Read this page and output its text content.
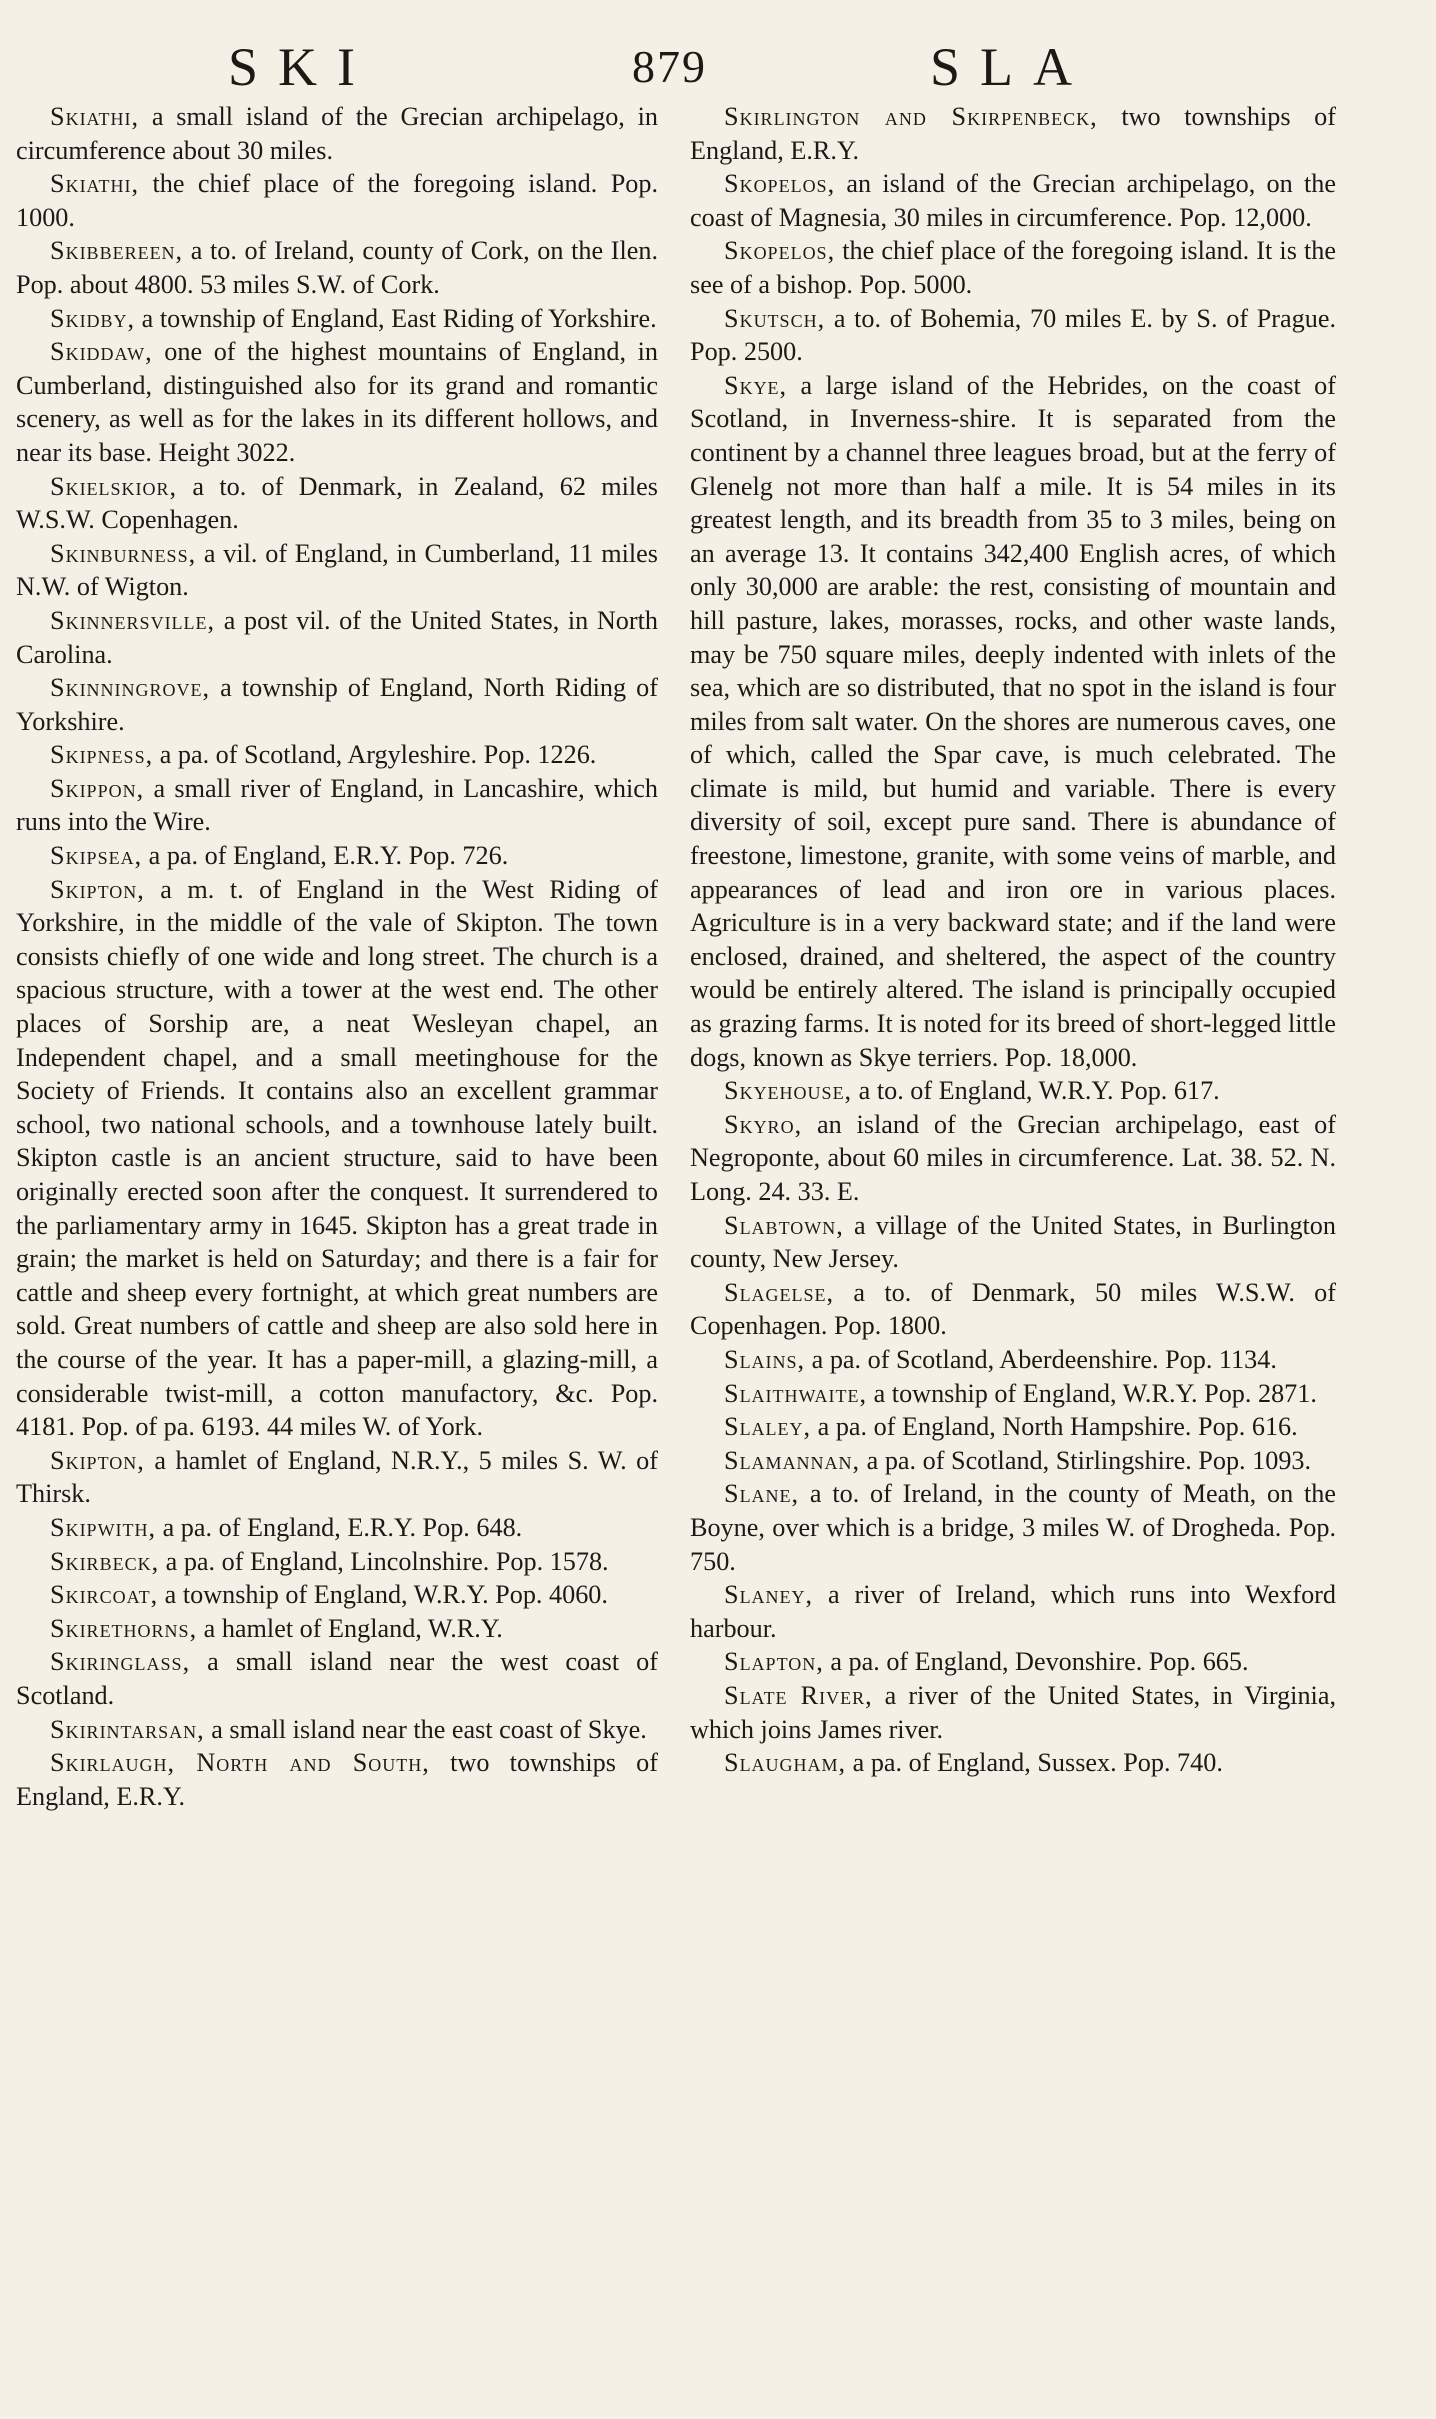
SKI	879	SLA

Skiathi, a small island of the Grecian archipelago, in circumference about 30 miles.

Skiathi, the chief place of the foregoing island. Pop. 1000.

Skibbereen, a to. of Ireland, county of Cork, on the Ilen. Pop. about 4800. 53 miles S.W. of Cork.

Skidby, a township of England, East Riding of Yorkshire.

Skiddaw, one of the highest mountains of England, in Cumberland, distinguished also for its grand and romantic scenery, as well as for the lakes in its different hollows, and near its base. Height 3022.

Skielskior, a to. of Denmark, in Zealand, 62 miles W.S.W. Copenhagen.

Skinburness, a vil. of England, in Cumberland, 11 miles N.W. of Wigton.

Skinnersville, a post vil. of the United States, in North Carolina.

Skinningrove, a township of England, North Riding of Yorkshire.

Skipness, a pa. of Scotland, Argyleshire. Pop. 1226.

Skippon, a small river of England, in Lancashire, which runs into the Wire.

Skipsea, a pa. of England, E.R.Y. Pop. 726.

Skipton, a m. t. of England in the West Riding of Yorkshire, in the middle of the vale of Skipton. The town consists chiefly of one wide and long street. The church is a spacious structure, with a tower at the west end. The other places of Sorship are, a neat Wesleyan chapel, an Independent chapel, and a small meetinghouse for the Society of Friends. It contains also an excellent grammar school, two national schools, and a townhouse lately built. Skipton castle is an ancient structure, said to have been originally erected soon after the conquest. It surrendered to the parliamentary army in 1645. Skipton has a great trade in grain; the market is held on Saturday; and there is a fair for cattle and sheep every fortnight, at which great numbers are sold. Great numbers of cattle and sheep are also sold here in the course of the year. It has a paper-mill, a glazing-mill, a considerable twist-mill, a cotton manufactory, &c. Pop. 4181. Pop. of pa. 6193. 44 miles W. of York.

Skipton, a hamlet of England, N.R.Y., 5 miles S. W. of Thirsk.

Skipwith, a pa. of England, E.R.Y. Pop. 648.

Skirbeck, a pa. of England, Lincolnshire. Pop. 1578.

Skircoat, a township of England, W.R.Y. Pop. 4060.

Skirethorns, a hamlet of England, W.R.Y.

Skiringlass, a small island near the west coast of Scotland.

Skirintarsan, a small island near the east coast of Skye.

Skirlaugh, North and South, two townships of England, E.R.Y.

Skirlington and Skirpenbeck, two townships of England, E.R.Y.

Skopelos, an island of the Grecian archipelago, on the coast of Magnesia, 30 miles in circumference. Pop. 12,000.

Skopelos, the chief place of the foregoing island. It is the see of a bishop. Pop. 5000.

Skutsch, a to. of Bohemia, 70 miles E. by S. of Prague. Pop. 2500.

Skye, a large island of the Hebrides, on the coast of Scotland, in Inverness-shire. It is separated from the continent by a channel three leagues broad, but at the ferry of Glenelg not more than half a mile. It is 54 miles in its greatest length, and its breadth from 35 to 3 miles, being on an average 13. It contains 342,400 English acres, of which only 30,000 are arable: the rest, consisting of mountain and hill pasture, lakes, morasses, rocks, and other waste lands, may be 750 square miles, deeply indented with inlets of the sea, which are so distributed, that no spot in the island is four miles from salt water. On the shores are numerous caves, one of which, called the Spar cave, is much celebrated. The climate is mild, but humid and variable. There is every diversity of soil, except pure sand. There is abundance of freestone, limestone, granite, with some veins of marble, and appearances of lead and iron ore in various places. Agriculture is in a very backward state; and if the land were enclosed, drained, and sheltered, the aspect of the country would be entirely altered. The island is principally occupied as grazing farms. It is noted for its breed of short-legged little dogs, known as Skye terriers. Pop. 18,000.

Skyehouse, a to. of England, W.R.Y. Pop. 617.

Skyro, an island of the Grecian archipelago, east of Negroponte, about 60 miles in circumference. Lat. 38. 52. N. Long. 24. 33. E.

Slabtown, a village of the United States, in Burlington county, New Jersey.

Slagelse, a to. of Denmark, 50 miles W.S.W. of Copenhagen. Pop. 1800.

Slains, a pa. of Scotland, Aberdeenshire. Pop. 1134.

Slaithwaite, a township of England, W.R.Y. Pop. 2871.

Slaley, a pa. of England, North Hampshire. Pop. 616.

Slamannan, a pa. of Scotland, Stirlingshire. Pop. 1093.

Slane, a to. of Ireland, in the county of Meath, on the Boyne, over which is a bridge, 3 miles W. of Drogheda. Pop. 750.

Slaney, a river of Ireland, which runs into Wexford harbour.

Slapton, a pa. of England, Devonshire. Pop. 665.

Slate River, a river of the United States, in Virginia, which joins James river.

Slaugham, a pa. of England, Sussex. Pop. 740.
